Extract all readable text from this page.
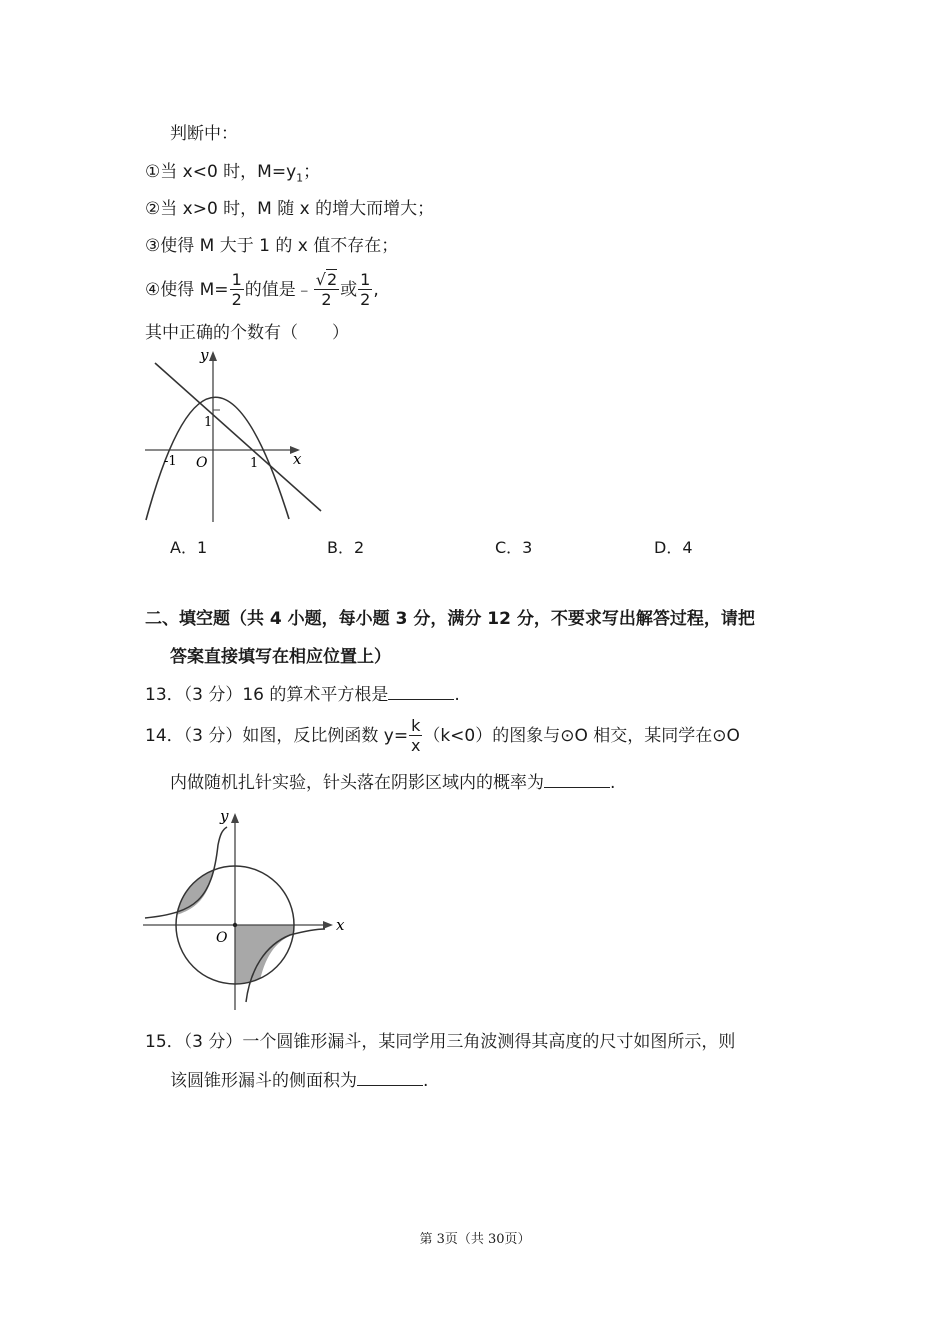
判断中：
①当 x<0 时，$M=y_1$；
②当 x>0 时，M 随 x 的增大而增大；
③使得 M 大于 1 的 x 值不存在；
④使得 $M= \frac{1}{2}$ 的值是﹣ $\frac{√2}{2}$ 或 $\frac{1}{2}$ ,
其中正确的个数有（　　）
y
x
O
1
-1	1
A．1	B．2	C．3	D．4
二、填空题（共 4 小题，每小题 3 分，满分 12 分，不要求写出解答过程，请把
答案直接填写在相应位置上）
13．（3 分）16 的算术平方根是	.
14．（3 分）如图，反比例函数 $y= \frac{k}{x} (k<0)$的图象与⊙O 相交，某同学在⊙O
内做随机扎针实验，针头落在阴影区域内的概率为	.
y
x
O
15．（3 分）一个圆锥形漏斗，某同学用三角波测得其高度的尺寸如图所示，则
该圆锥形漏斗的侧面积为	.
第 3页（共 30页）
